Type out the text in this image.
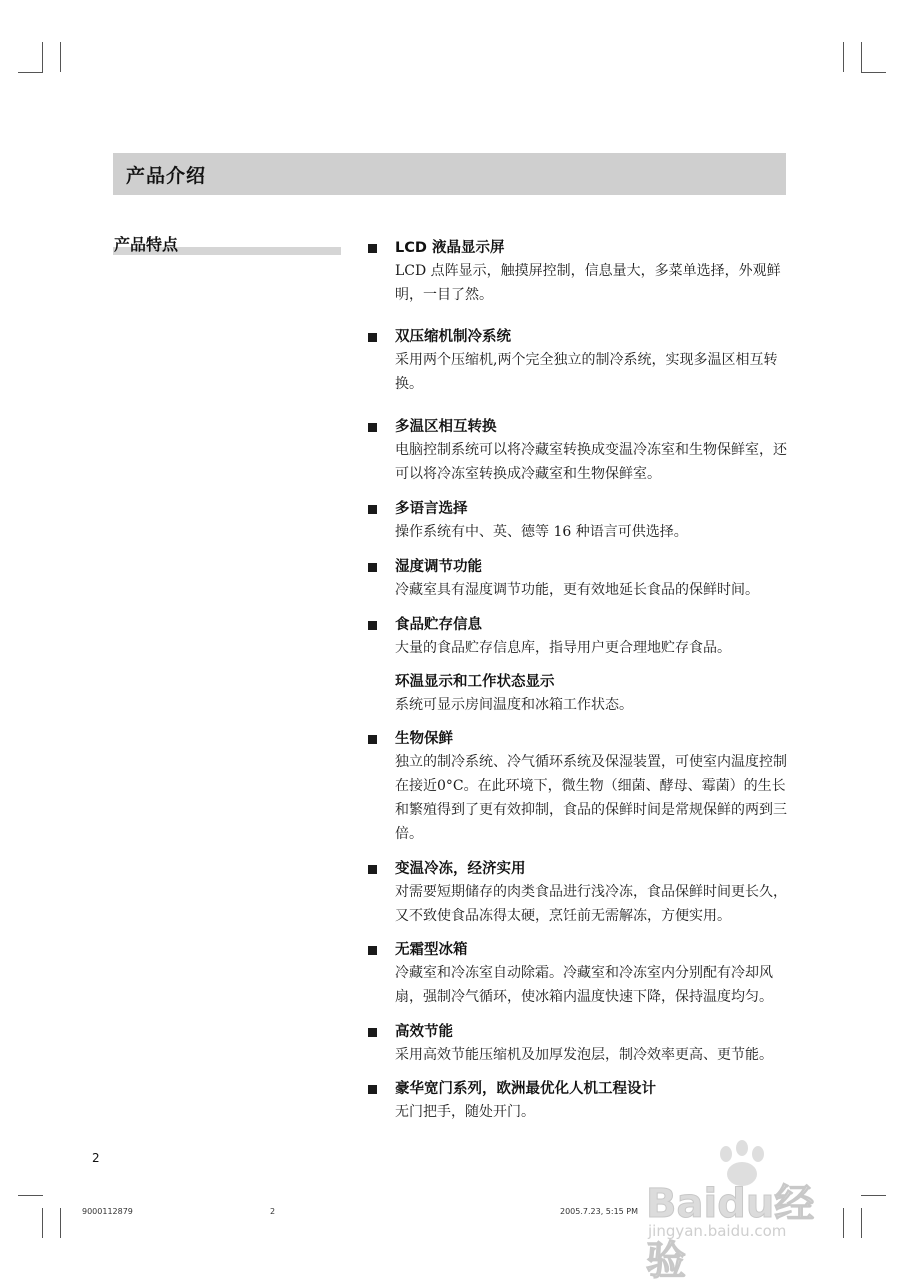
产品介绍
产品特点	LCD 液晶显示屏
LCD 点阵显示，触摸屏控制，信息量大，多菜单选择，外观鲜明，一目了然。
双压缩机制冷系统
采用两个压缩机,两个完全独立的制冷系统，实现多温区相互转换。
多温区相互转换
电脑控制系统可以将冷藏室转换成变温冷冻室和生物保鲜室，还可以将冷冻室转换成冷藏室和生物保鲜室。
多语言选择
操作系统有中、英、德等 16 种语言可供选择。
湿度调节功能
冷藏室具有湿度调节功能，更有效地延长食品的保鲜时间。
食品贮存信息
大量的食品贮存信息库，指导用户更合理地贮存食品。
环温显示和工作状态显示
系统可显示房间温度和冰箱工作状态。
生物保鲜
独立的制冷系统、冷气循环系统及保湿装置，可使室内温度控制在接近0°C。在此环境下，微生物（细菌、酵母、霉菌）的生长和繁殖得到了更有效抑制，食品的保鲜时间是常规保鲜的两到三倍。
变温冷冻，经济实用
对需要短期储存的肉类食品进行浅冷冻，食品保鲜时间更长久，又不致使食品冻得太硬，烹饪前无需解冻，方便实用。
无霜型冰箱
冷藏室和冷冻室自动除霜。冷藏室和冷冻室内分别配有冷却风扇，强制冷气循环，使冰箱内温度快速下降，保持温度均匀。
高效节能
采用高效节能压缩机及加厚发泡层，制冷效率更高、更节能。
豪华宽门系列，欧洲最优化人机工程设计
无门把手，随处开门。
2
9000112879	2	2005.7.23, 5:15 PM Baidu经验
jingyan.baidu.com
